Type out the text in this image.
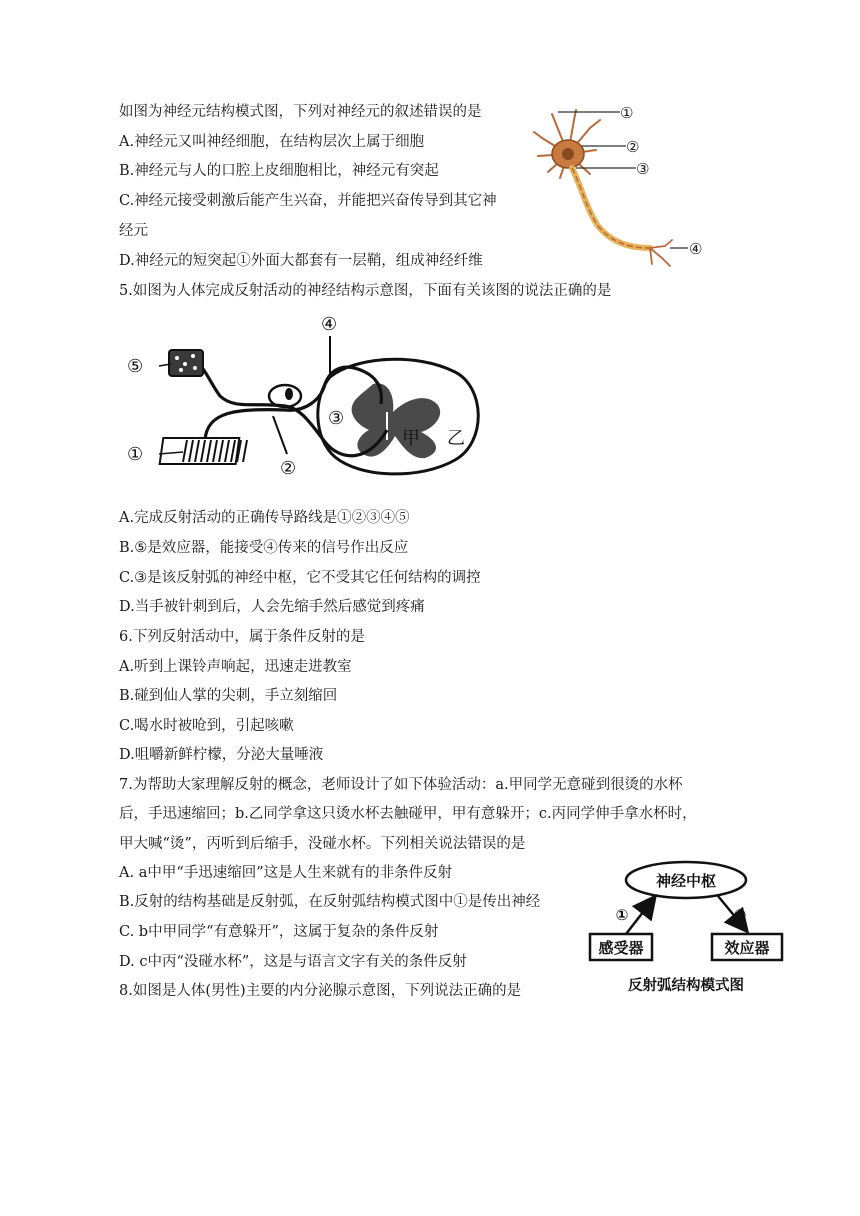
如图为神经元结构模式图，下列对神经元的叙述错误的是
A.神经元又叫神经细胞，在结构层次上属于细胞
B.神经元与人的口腔上皮细胞相比，神经元有突起
C.神经元接受刺激后能产生兴奋，并能把兴奋传导到其它神
经元
D.神经元的短突起①外面大都套有一层鞘，组成神经纤维
①
②
③
④
5.如图为人体完成反射活动的神经结构示意图，下面有关该图的说法正确的是
①
②
③
④
⑤
甲 乙
A.完成反射活动的正确传导路线是①②③④⑤
B.⑤是效应器，能接受④传来的信号作出反应
C.③是该反射弧的神经中枢，它不受其它任何结构的调控
D.当手被针刺到后，人会先缩手然后感觉到疼痛
6.下列反射活动中，属于条件反射的是
A.听到上课铃声响起，迅速走进教室
B.碰到仙人掌的尖刺，手立刻缩回
C.喝水时被呛到，引起咳嗽
D.咀嚼新鲜柠檬，分泌大量唾液
7.为帮助大家理解反射的概念，老师设计了如下体验活动：a.甲同学无意碰到很烫的水杯
后，手迅速缩回；b.乙同学拿这只烫水杯去触碰甲，甲有意躲开；c.丙同学伸手拿水杯时，
甲大喊“烫”，丙听到后缩手，没碰水杯。下列相关说法错误的是
A. a中甲“手迅速缩回”这是人生来就有的非条件反射
B.反射的结构基础是反射弧，在反射弧结构模式图中①是传出神经
C. b中甲同学“有意躲开”，这属于复杂的条件反射
D. c中丙“没碰水杯”，这是与语言文字有关的条件反射
神经中枢
感受器	效应器
①	②
反射弧结构模式图
8.如图是人体(男性)主要的内分泌腺示意图，下列说法正确的是
